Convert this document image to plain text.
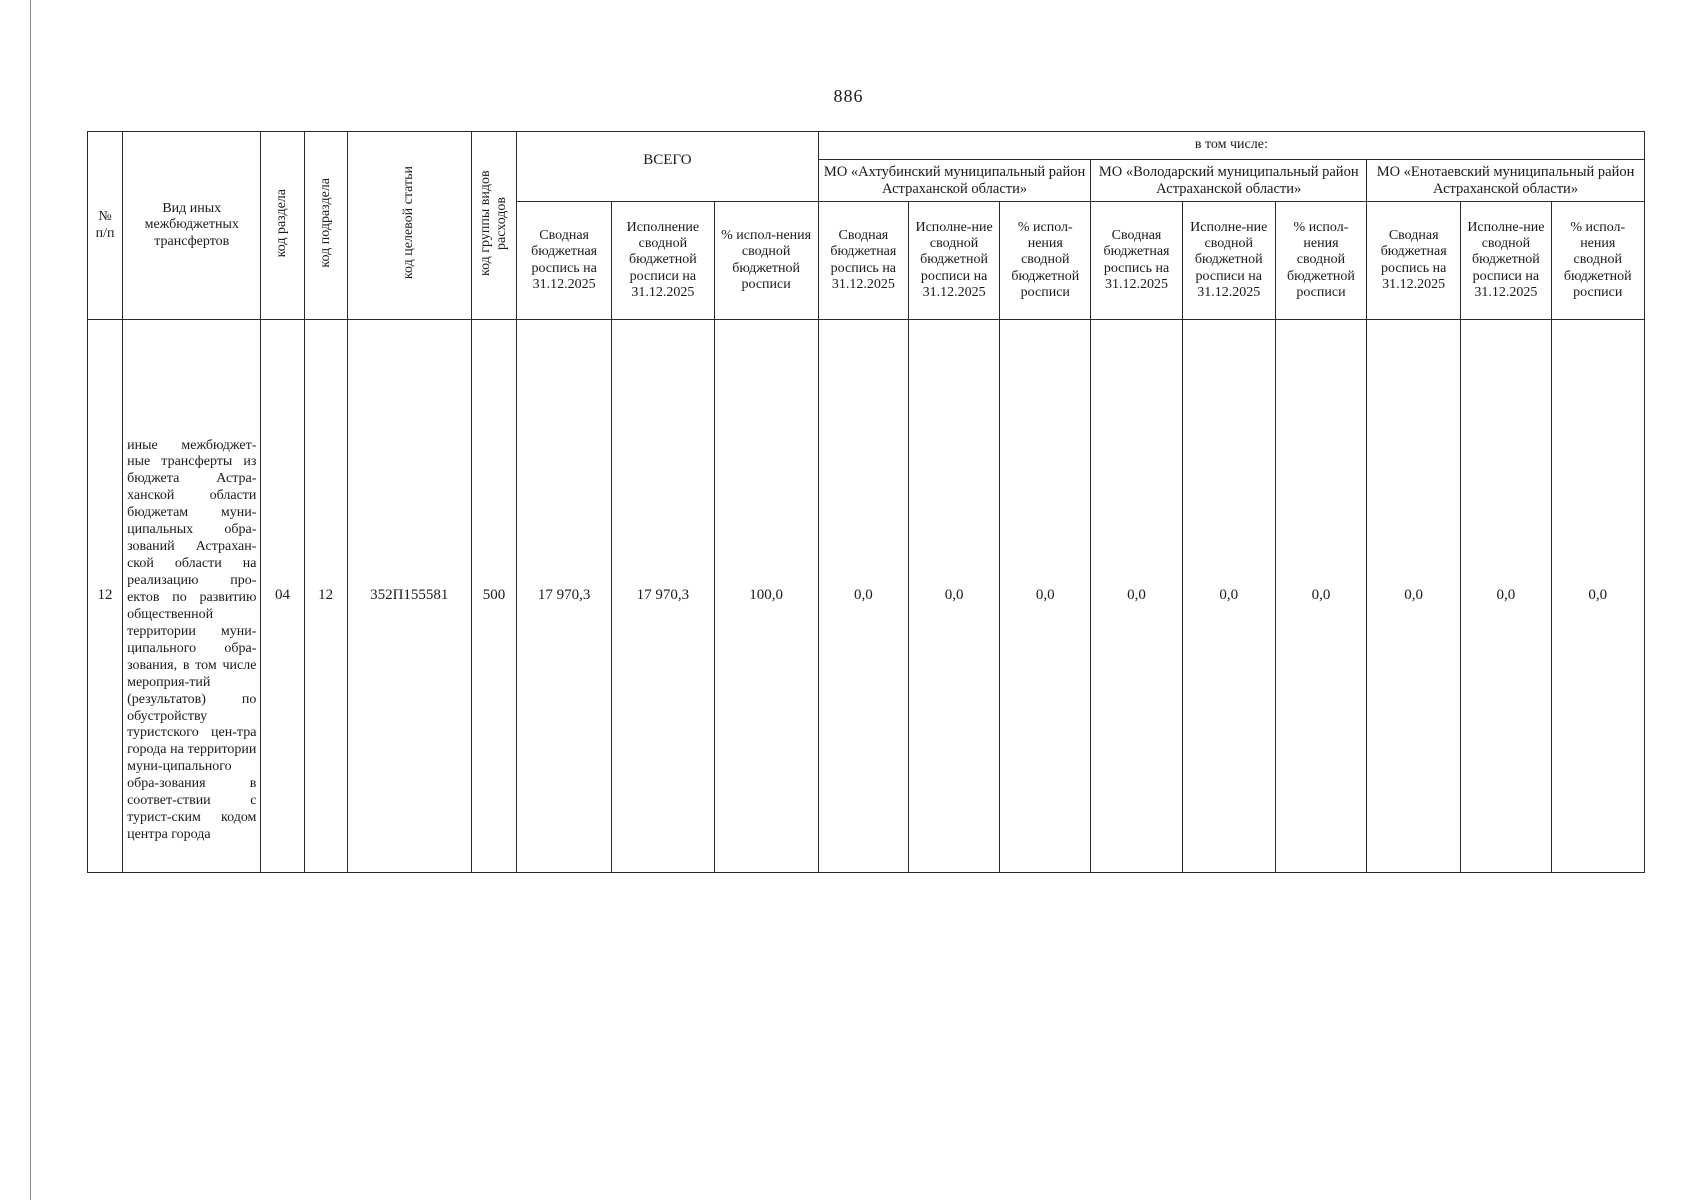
886
№ п/п	Вид иных межбюджетных трансфертов	код раздела	код подраздела	код целевой статьи	код группы видов расходов	ВСЕГО			в том числе:								
									МО «Ахтубинский муниципальный район Астраханской области»			МО «Володарский муниципальный район Астраханской области»			МО «Енотаевский муниципальный район Астраханской области»		
						Сводная бюджетная роспись на 31.12.2025	Исполнение сводной бюджетной росписи на 31.12.2025	% испол-нения сводной бюджетной росписи	Сводная бюджетная роспись на 31.12.2025	Исполне-ние сводной бюджетной росписи на 31.12.2025	% испол-нения сводной бюджетной росписи	Сводная бюджетная роспись на 31.12.2025	Исполне-ние сводной бюджетной росписи на 31.12.2025	% испол-нения сводной бюджетной росписи	Сводная бюджетная роспись на 31.12.2025	Исполне-ние сводной бюджетной росписи на 31.12.2025	% испол-нения сводной бюджетной росписи
12	иные межбюджет-ные трансферты из бюджета Астра-ханской области бюджетам муни-ципальных обра-зований Астрахан-ской области на реализацию про-ектов по развитию общественной территории муни-ципального обра-зования, в том числе мероприя-тий (результатов) по обустройству туристского цен-тра города на территории муни-ципального обра-зования в соответ-ствии с турист-ским кодом центра города	04	12	352П155581	500	17 970,3	17 970,3	100,0	0,0	0,0	0,0	0,0	0,0	0,0	0,0	0,0	0,0
